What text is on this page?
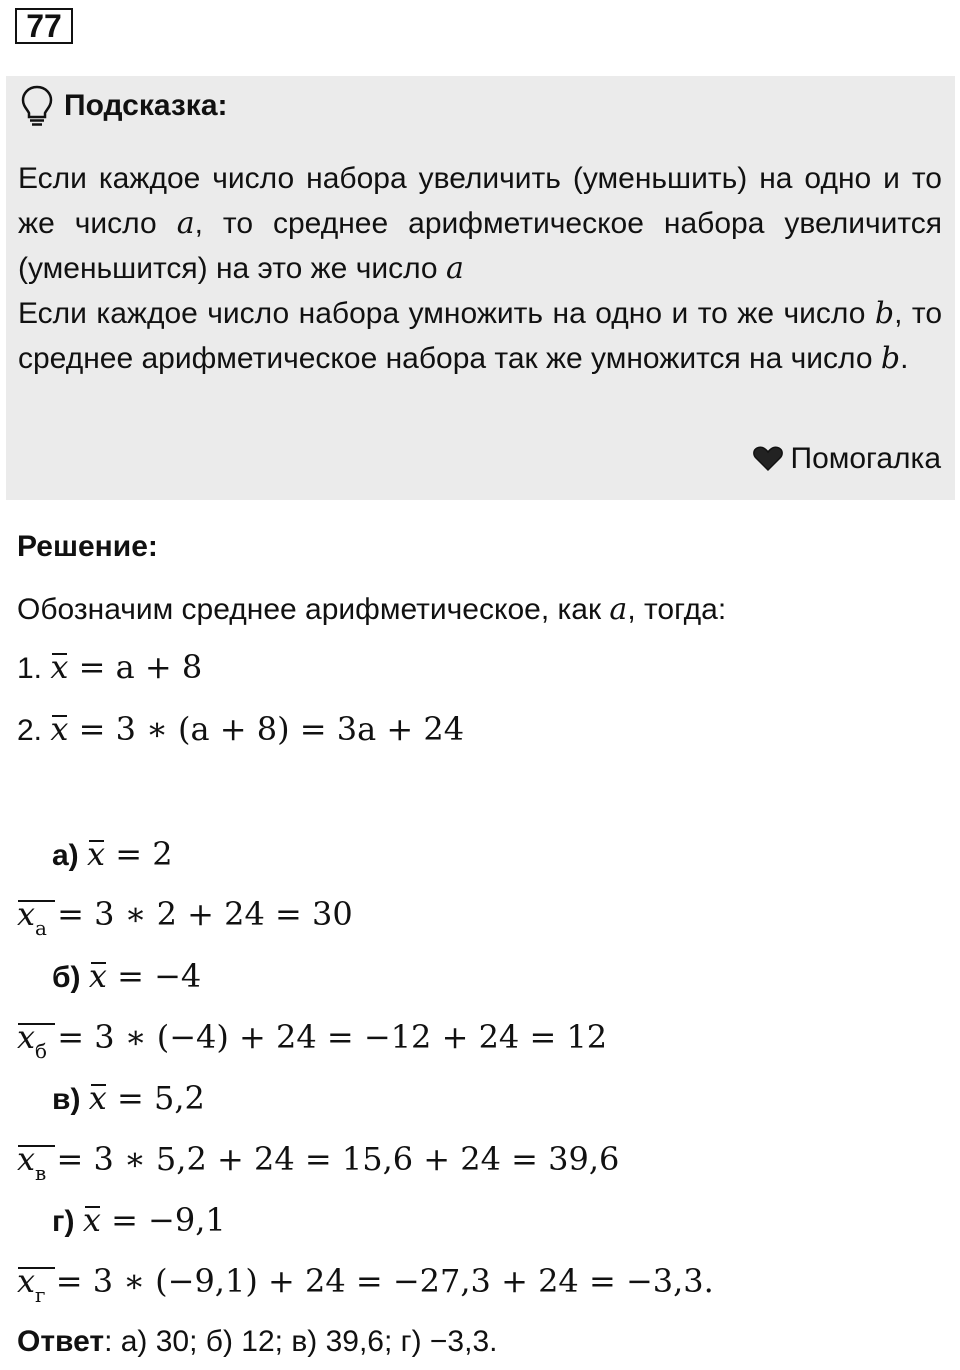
77
Подсказка:

Если каждое число набора увеличить (уменьшить) на одно и то же число a, то среднее арифметическое набора увеличится (уменьшится) на это же число a

Если каждое число набора умножить на одно и то же число b, то среднее арифметическое набора так же умножится на число b.

Помогалка
Решение:
Обозначим среднее арифметическое, как a, тогда:
1. x = a + 8
2. x = 3 ∗ (a + 8) = 3a + 24
а) x = 2
$x_а = 3$ ∗ 2 + 24 = 30
б) x = −4
$x_б = 3$ ∗ (−4) + 24 = −12 + 24 = 12
в) x = 5,2
$x_в = 3$ ∗ 5,2 + 24 = 15,6 + 24 = 39,6
г) x = −9,1
$x_г = 3$ ∗ (−9,1) + 24 = −27,3 + 24 = −3,3.
Ответ: а) 30; б) 12; в) 39,6; г) −3,3.
